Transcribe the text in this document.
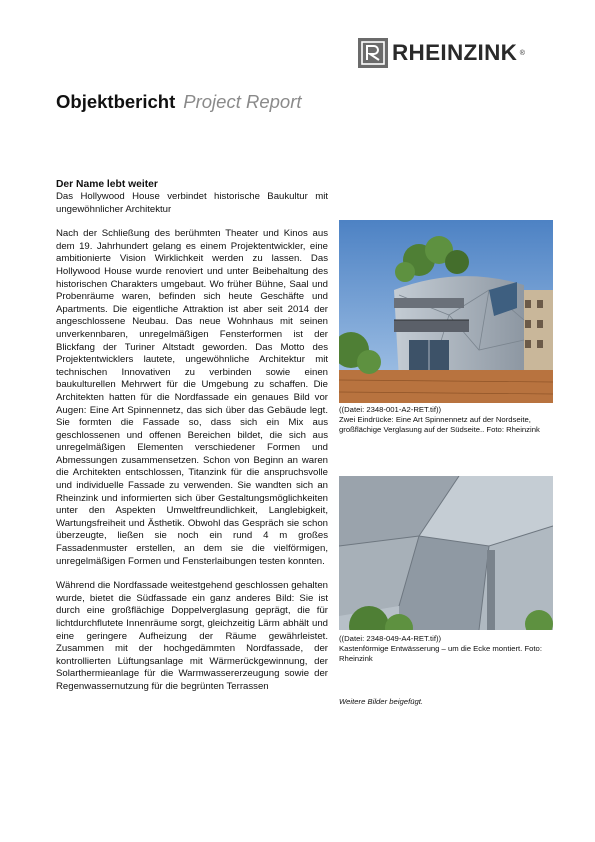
RHEINZINK ®
Objektbericht Project Report
Der Name lebt weiter

Das Hollywood House verbindet historische Baukultur mit ungewöhnlicher Architektur

Nach der Schließung des berühmten Theater und Kinos aus dem 19. Jahrhundert gelang es einem Projektentwickler, eine ambitionierte Vision Wirklichkeit werden zu lassen. Das Hollywood House wurde renoviert und unter Beibehaltung des historischen Charakters umgebaut. Wo früher Bühne, Saal und Probenräume waren, befinden sich heute Geschäfte und Apartments. Die eigentliche Attraktion ist aber seit 2014 der angeschlossene Neubau. Das neue Wohnhaus mit seinen unverkennbaren, unregelmäßigen Fensterformen ist der Blickfang der Turiner Altstadt geworden. Das Motto des Projektentwicklers lautete, ungewöhnliche Architektur mit technischen Innovativen zu verbinden sowie einen baukulturellen Mehrwert für die Umgebung zu schaffen. Die Architekten hatten für die Nordfassade ein genaues Bild vor Augen: Eine Art Spinnennetz, das sich über das Gebäude legt. Sie formten die Fassade so, dass sich ein Mix aus geschlossenen und offenen Bereichen bildet, die sich aus unregelmäßigen Elementen verschiedener Formen und Abmessungen zusammensetzen. Schon von Beginn an waren die Architekten entschlossen, Titanzink für die anspruchsvolle und individuelle Fassade zu verwenden. Sie wandten sich an Rheinzink und informierten sich über Gestaltungsmöglichkeiten unter den Aspekten Umweltfreundlichkeit, Langlebigkeit, Wartungsfreiheit und Ästhetik. Obwohl das Gespräch sie schon überzeugte, ließen sie noch ein rund 4 m großes Fassadenmuster erstellen, an dem sie die vielförmigen, unregelmäßigen Formen und Fensterlaibungen testen konnten.

Während die Nordfassade weitestgehend geschlossen gehalten wurde, bietet die Südfassade ein ganz anderes Bild: Sie ist durch eine großflächige Doppelverglasung geprägt, die für lichtdurchflutete Innenräume sorgt, gleichzeitig Lärm abhält und eine geringere Aufheizung der Räume gewährleistet. Zusammen mit der hochgedämmten Nordfassade, der kontrollierten Lüftungsanlage mit Wärmerückgewinnung, der Solarthermieanlage für die Warmwassererzeugung sowie der Regenwassernutzung für die begrünten Terrassen

((Datei: 2348-001-A2-RET.tif))
Zwei Eindrücke: Eine Art Spinnennetz auf der Nordseite, großflächige Verglasung auf der Südseite.. Foto: Rheinzink
((Datei: 2348-049-A4-RET.tif))
Kastenförmige Entwässerung – um die Ecke montiert. Foto: Rheinzink
Weitere Bilder beigefügt.
